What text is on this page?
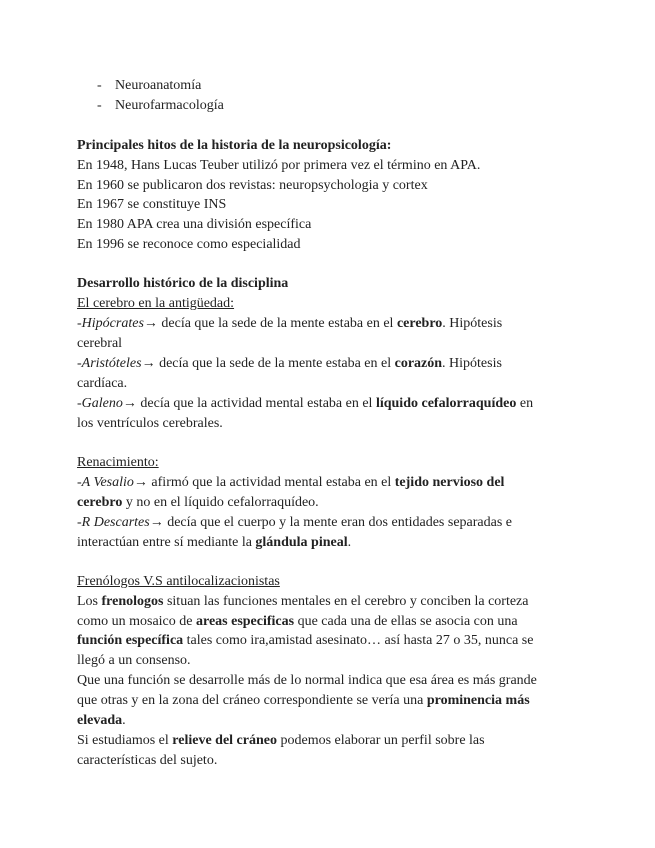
- Neuroanatomía
- Neurofarmacología
Principales hitos de la historia de la neuropsicología:
En 1948, Hans Lucas Teuber utilizó por primera vez el término en APA.
En 1960 se publicaron dos revistas: neuropsychologia y cortex
En 1967 se constituye INS
En 1980 APA crea una división específica
En 1996 se reconoce como especialidad
Desarrollo histórico de la disciplina
El cerebro en la antigüedad:
-Hipócrates→ decía que la sede de la mente estaba en el cerebro. Hipótesis
cerebral
-Aristóteles→ decía que la sede de la mente estaba en el corazón. Hipótesis
cardíaca.
-Galeno→ decía que la actividad mental estaba en el líquido cefalorraquídeo en
los ventrículos cerebrales.
Renacimiento:
-A Vesalio→ afirmó que la actividad mental estaba en el tejido nervioso del
cerebro y no en el líquido cefalorraquídeo.
-R Descartes→ decía que el cuerpo y la mente eran dos entidades separadas e
interactúan entre sí mediante la glándula pineal.
Frenólogos V.S antilocalizacionistas
Los frenologos situan las funciones mentales en el cerebro y conciben la corteza
como un mosaico de areas especificas que cada una de ellas se asocia con una
función específica tales como ira,amistad asesinato… así hasta 27 o 35, nunca se
llegó a un consenso.
Que una función se desarrolle más de lo normal indica que esa área es más grande
que otras y en la zona del cráneo correspondiente se vería una prominencia más
elevada.
Si estudiamos el relieve del cráneo podemos elaborar un perfil sobre las
características del sujeto.
